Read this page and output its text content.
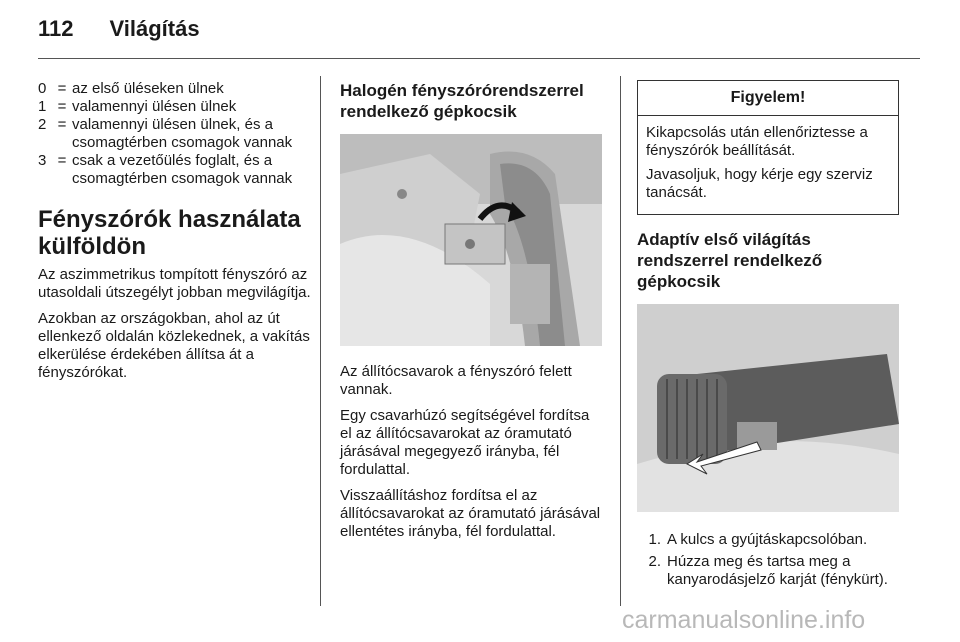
112 Világítás
0 = az első üléseken ülnek
1 = valamennyi ülésen ülnek
2 = valamennyi ülésen ülnek, és a csomagtérben csomagok vannak
3 = csak a vezetőülés foglalt, és a csomagtérben csomagok vannak
Fényszórók használata külföldön

Az aszimmetrikus tompított fényszóró az utasoldali útszegélyt jobban megvilágítja.

Azokban az országokban, ahol az út ellenkező oldalán közlekednek, a vakítás elkerülése érdekében állítsa át a fényszórókat.

Halogén fényszórórendszerrel rendelkező gépkocsik

Az állítócsavarok a fényszóró felett vannak.

Egy csavarhúzó segítségével fordítsa el az állítócsavarokat az óramutató járásával megegyező irányba, fél fordulattal.

Visszaállításhoz fordítsa el az állítócsavarokat az óramutató járásával ellentétes irányba, fél fordulattal.

Figyelem!

Kikapcsolás után ellenőriztesse a fényszórók beállítását.

Javasoljuk, hogy kérje egy szerviz tanácsát.

Adaptív első világítás rendszerrel rendelkező gépkocsik
1. A kulcs a gyújtáskapcsolóban.
2. Húzza meg és tartsa meg a kanyarodásjelző karját (fénykürt).
carmanualsonline.info
